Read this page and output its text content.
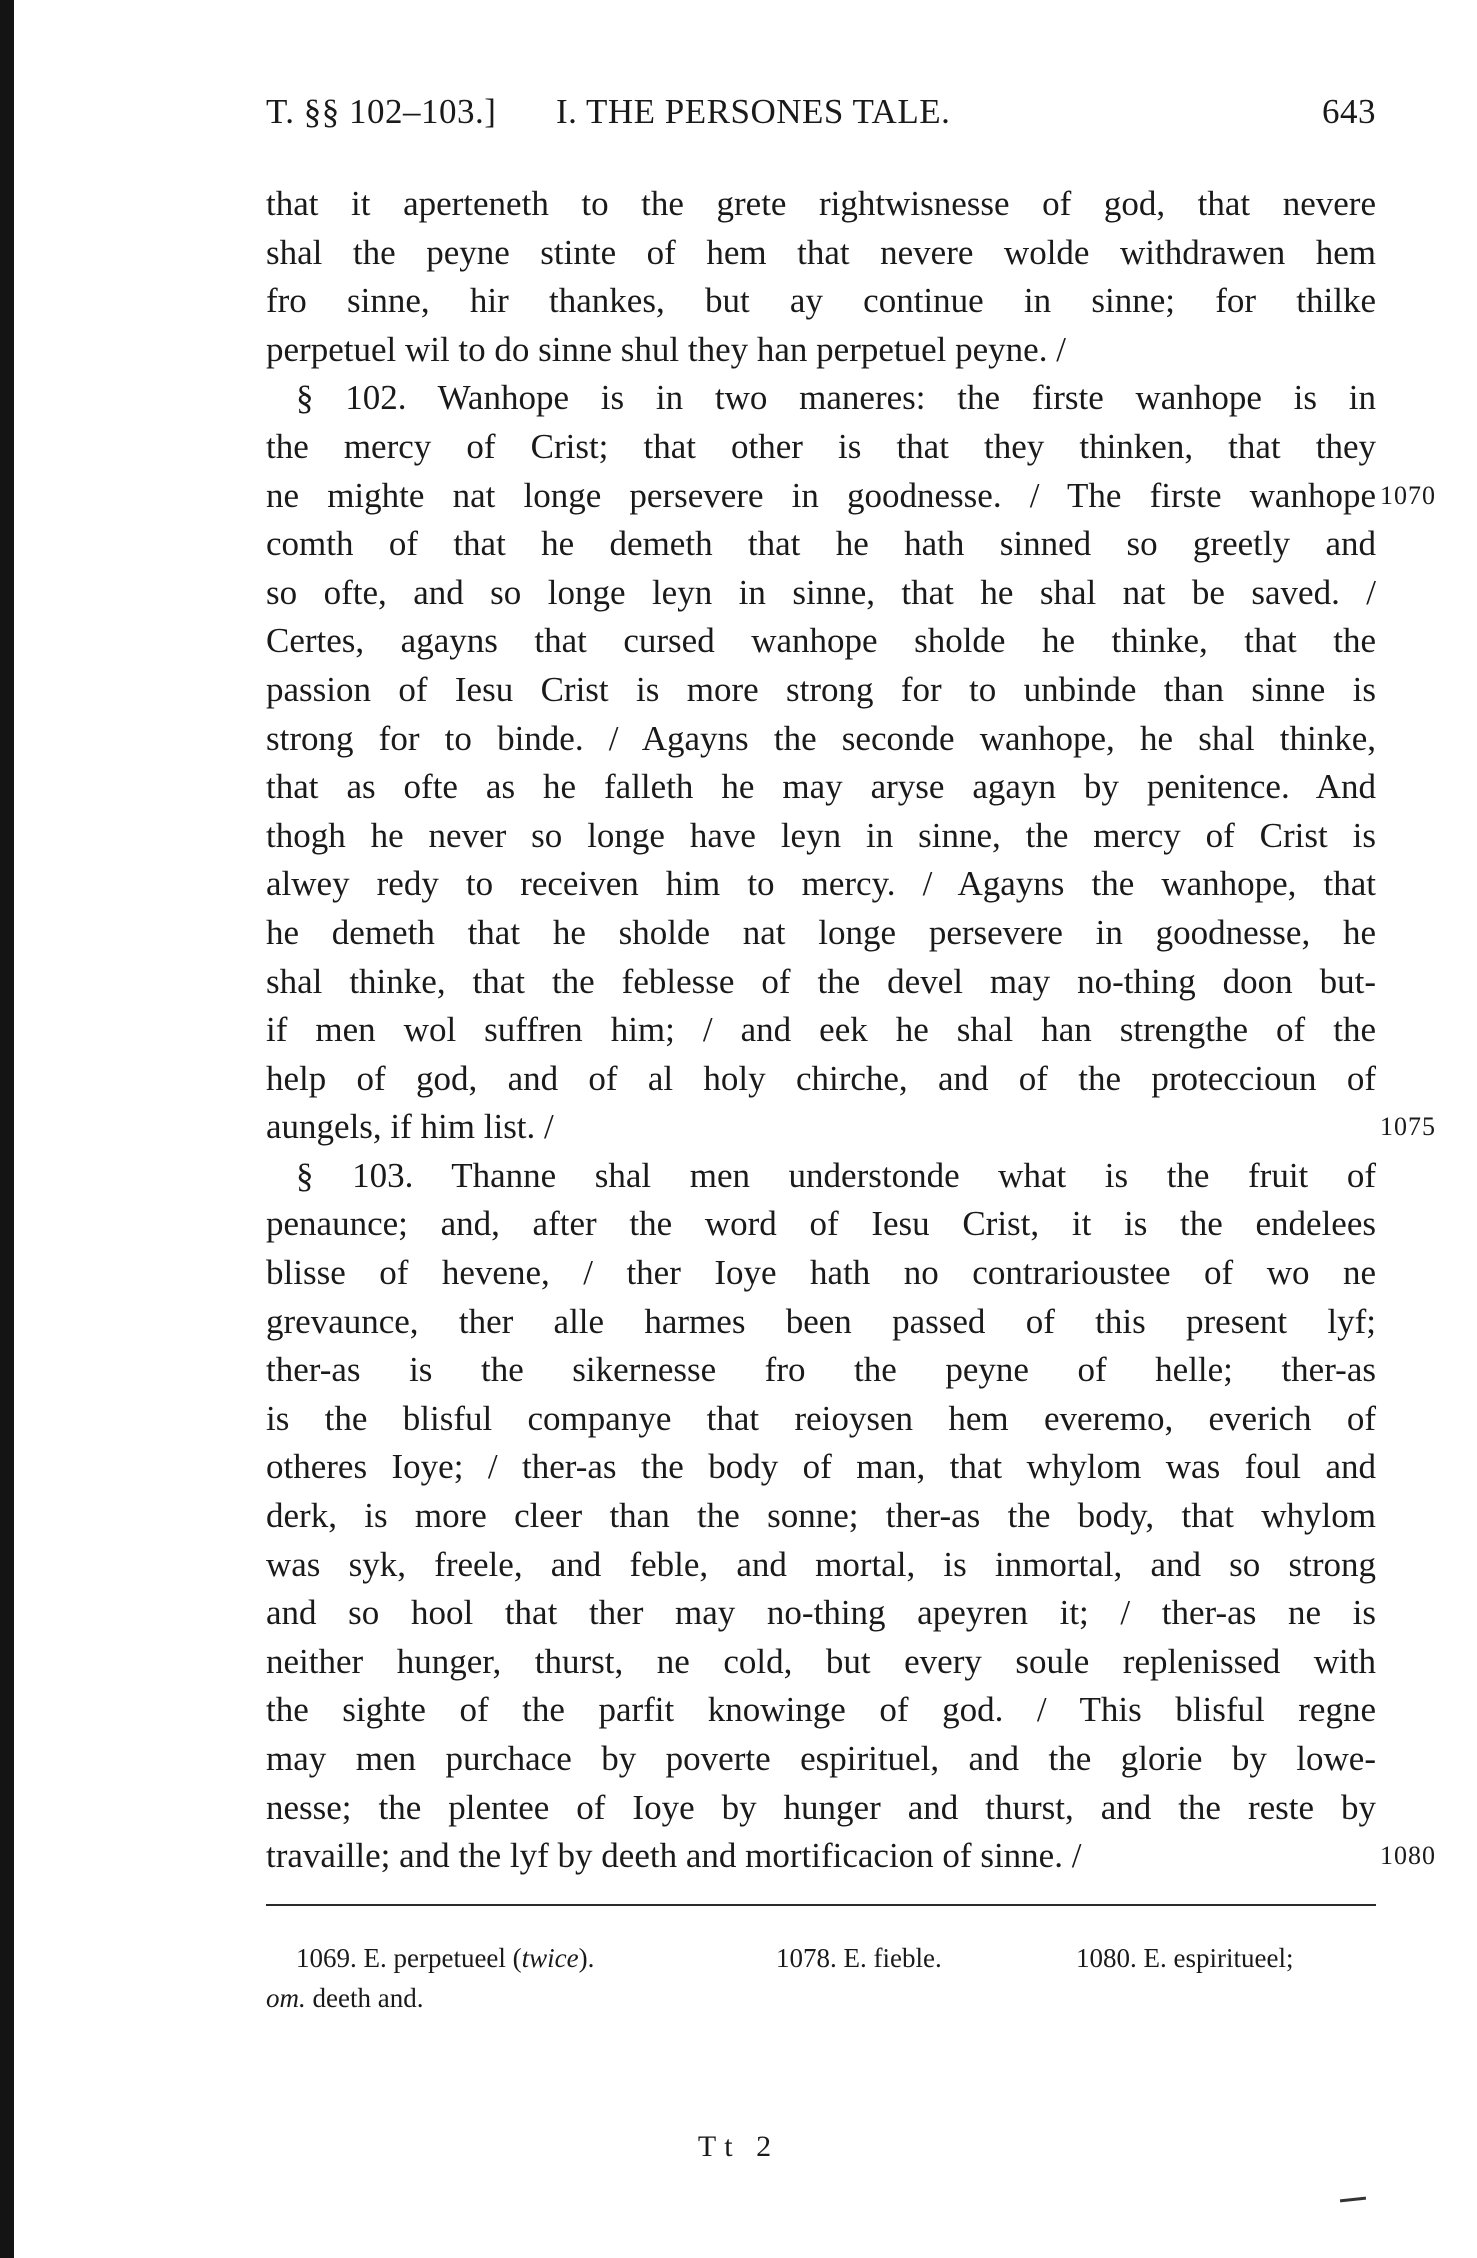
T. §§ 102–103.] I. THE PERSONES TALE.	643
that it aperteneth to the grete rightwisnesse of god, that nevere
shal the peyne stinte of hem that nevere wolde withdrawen hem
fro sinne, hir thankes, but ay continue in sinne; for thilke
perpetuel wil to do sinne shul they han perpetuel peyne. /
§ 102. Wanhope is in two maneres: the firste wanhope is in
the mercy of Crist; that other is that they thinken, that they
ne mighte nat longe persevere in goodnesse. / The firste wanhope
comth of that he demeth that he hath sinned so greetly and
so ofte, and so longe leyn in sinne, that he shal nat be saved. /
Certes, agayns that cursed wanhope sholde he thinke, that the
passion of Iesu Crist is more strong for to unbinde than sinne is
strong for to binde. / Agayns the seconde wanhope, he shal thinke,
that as ofte as he falleth he may aryse agayn by penitence. And
thogh he never so longe have leyn in sinne, the mercy of Crist is
alwey redy to receiven him to mercy. / Agayns the wanhope, that
he demeth that he sholde nat longe persevere in goodnesse, he
shal thinke, that the feblesse of the devel may no-thing doon but-
if men wol suffren him; / and eek he shal han strengthe of the
help of god, and of al holy chirche, and of the proteccioun of
aungels, if him list. /
§ 103. Thanne shal men understonde what is the fruit of
penaunce; and, after the word of Iesu Crist, it is the endelees
blisse of hevene, / ther Ioye hath no contrarioustee of wo ne
grevaunce, ther alle harmes been passed of this present lyf;
ther-as is the sikernesse fro the peyne of helle; ther-as
is the blisful companye that reioysen hem everemo, everich of
otheres Ioye; / ther-as the body of man, that whylom was foul and
derk, is more cleer than the sonne; ther-as the body, that whylom
was syk, freele, and feble, and mortal, is inmortal, and so strong
and so hool that ther may no-thing apeyren it; / ther-as ne is
neither hunger, thurst, ne cold, but every soule replenissed with
the sighte of the parfit knowinge of god. / This blisful regne
may men purchace by poverte espirituel, and the glorie by lowe-
nesse; the plentee of Ioye by hunger and thurst, and the reste by
travaille; and the lyf by deeth and mortificacion of sinne. /
1070
1075
1080
1069. E. perpetueel (twice).	1078. E. fieble.	1080. E. espiritueel;
om. deeth and.
Tt 2
